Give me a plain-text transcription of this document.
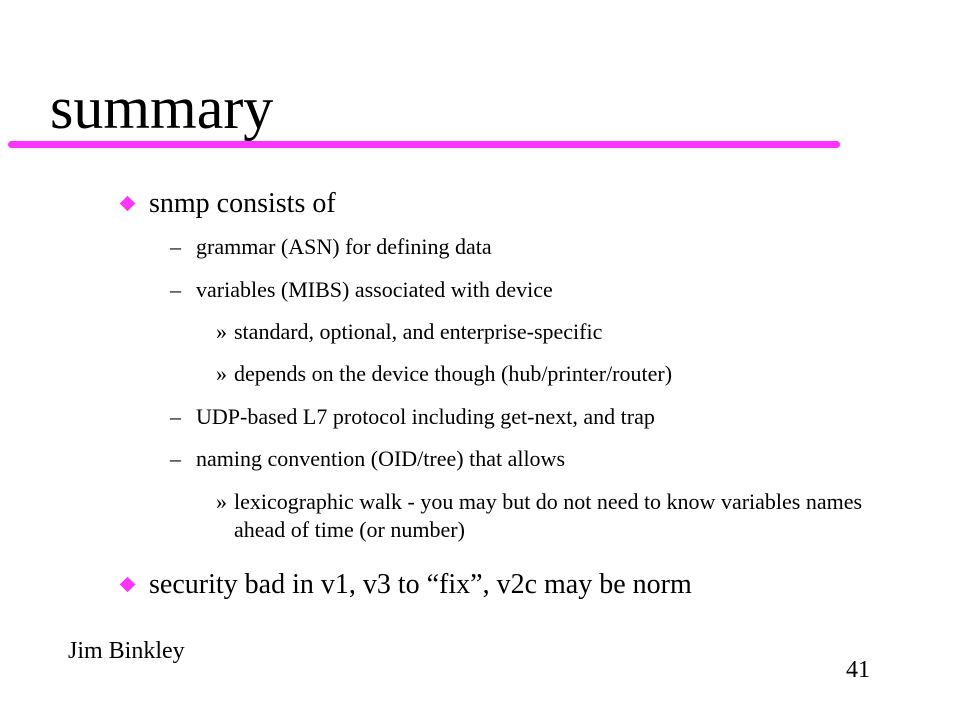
summary
snmp consists of
– grammar (ASN) for defining data
– variables (MIBS) associated with device
» standard, optional, and enterprise-specific
» depends on the device though (hub/printer/router)
– UDP-based L7 protocol including get-next, and trap
– naming convention (OID/tree) that allows
» lexicographic walk - you may but do not need to know variables names ahead of time (or number)
security bad in v1, v3 to “fix”, v2c may be norm
Jim Binkley
41
